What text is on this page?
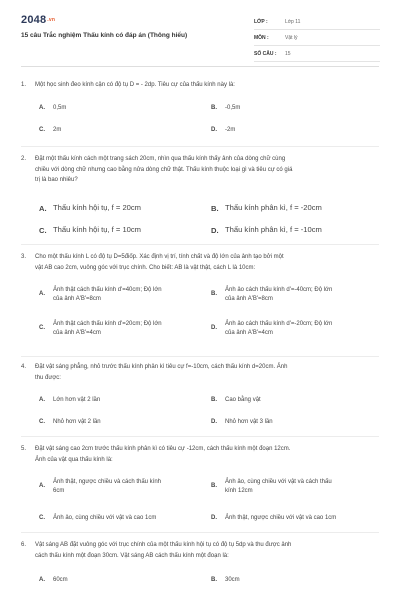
2048.vn
15 câu Trắc nghiệm Thấu kính có đáp án (Thông hiểu)
LỚP :	Lớp 11
MÔN :	Vật lý
SỐ CÂU :	15
1. Một học sinh đeo kính cận có độ tụ D = - 2dp. Tiêu cự của thấu kính này là:
A. 0,5m	B. -0,5m
C. 2m	D. -2m
2. Đặt một thấu kính cách một trang sách 20cm, nhìn qua thấu kính thấy ảnh của dòng chữ cùng
chiều với dòng chữ nhưng cao bằng nửa dòng chữ thật. Thấu kính thuộc loại gì và tiêu cự có giá
trị là bao nhiêu?
A. Thấu kính hội tụ, f = 20cm	B. Thấu kính phân kì, f = -20cm
C. Thấu kính hội tụ, f = 10cm	D. Thấu kính phân kì, f = -10cm
3. Cho một thấu kính L có độ tụ D=5điốp. Xác định vị trí, tính chất và độ lớn của ảnh tạo bởi một
vật AB cao 2cm, vuông góc với trục chính. Cho biết: AB là vật thật, cách L là 10cm:
A.
Ảnh thật cách thấu kính d'=40cm; Độ lớn
của ảnh A'B'=8cm
B.
Ảnh ảo cách thấu kính d'=-40cm; Độ lớn
của ảnh A'B'=8cm
C.
Ảnh thật cách thấu kính d'=20cm; Độ lớn
của ảnh A'B'=4cm
D.
Ảnh ảo cách thấu kính d'=-20cm; Độ lớn
của ảnh A'B'=4cm
4. Đặt vật sáng phẳng, nhỏ trước thấu kính phân kì tiêu cự f=-10cm, cách thấu kính d=20cm. Ảnh
thu được:
A. Lớn hơn vật 2 lần	B. Cao bằng vật
C. Nhỏ hơn vật 2 lần	D. Nhỏ hơn vật 3 lần
5. Đặt vật sáng cao 2cm trước thấu kính phân kì có tiêu cự -12cm, cách thấu kính một đoạn 12cm.
Ảnh của vật qua thấu kính là:
A.
Ảnh thật, ngược chiều và cách thấu kính
6cm
B.
Ảnh ảo, cùng chiều với vật và cách thấu
kính 12cm
C. Ảnh ảo, cùng chiều với vật và cao 1cm	D. Ảnh thật, ngược chiều với vật và cao 1cm
6. Vật sáng AB đặt vuông góc với trục chính của một thấu kính hội tụ có độ tụ 5dp và thu được ảnh
cách thấu kính một đoạn 30cm. Vật sáng AB cách thấu kính một đoạn là:
A. 60cm	B. 30cm
